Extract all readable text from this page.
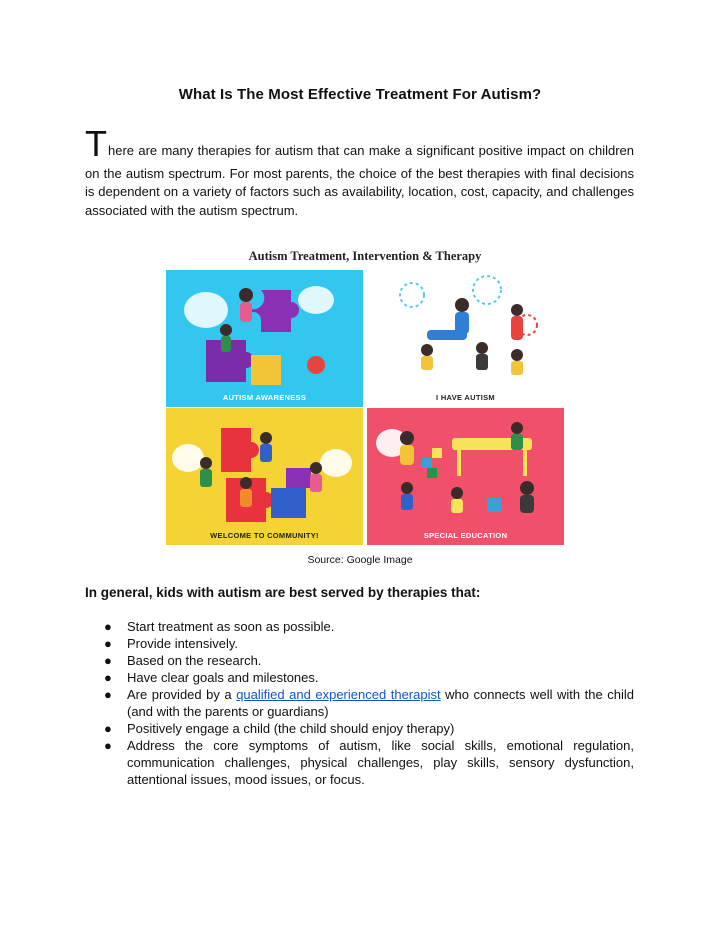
What Is The Most Effective Treatment For Autism?
T here are many therapies for autism that can make a significant positive impact on children
on the autism spectrum. For most parents, the choice of the best therapies with final decisions is dependent on a variety of factors such as availability, location, cost, capacity, and challenges associated with the autism spectrum.
Autism Treatment, Intervention & Therapy
AUTISM AWARENESS	I HAVE AUTISM
WELCOME TO COMMUNITY!	SPECIAL EDUCATION
Source: Google Image
In general, kids with autism are best served by therapies that:
● Start treatment as soon as possible.
● Provide intensively.
● Based on the research.
● Have clear goals and milestones.
● Are provided by a qualified and experienced therapist who connects well with the child (and with the parents or guardians)
● Positively engage a child (the child should enjoy therapy)
● Address the core symptoms of autism, like social skills, emotional regulation, communication challenges, physical challenges, play skills, sensory dysfunction, attentional issues, mood issues, or focus.
